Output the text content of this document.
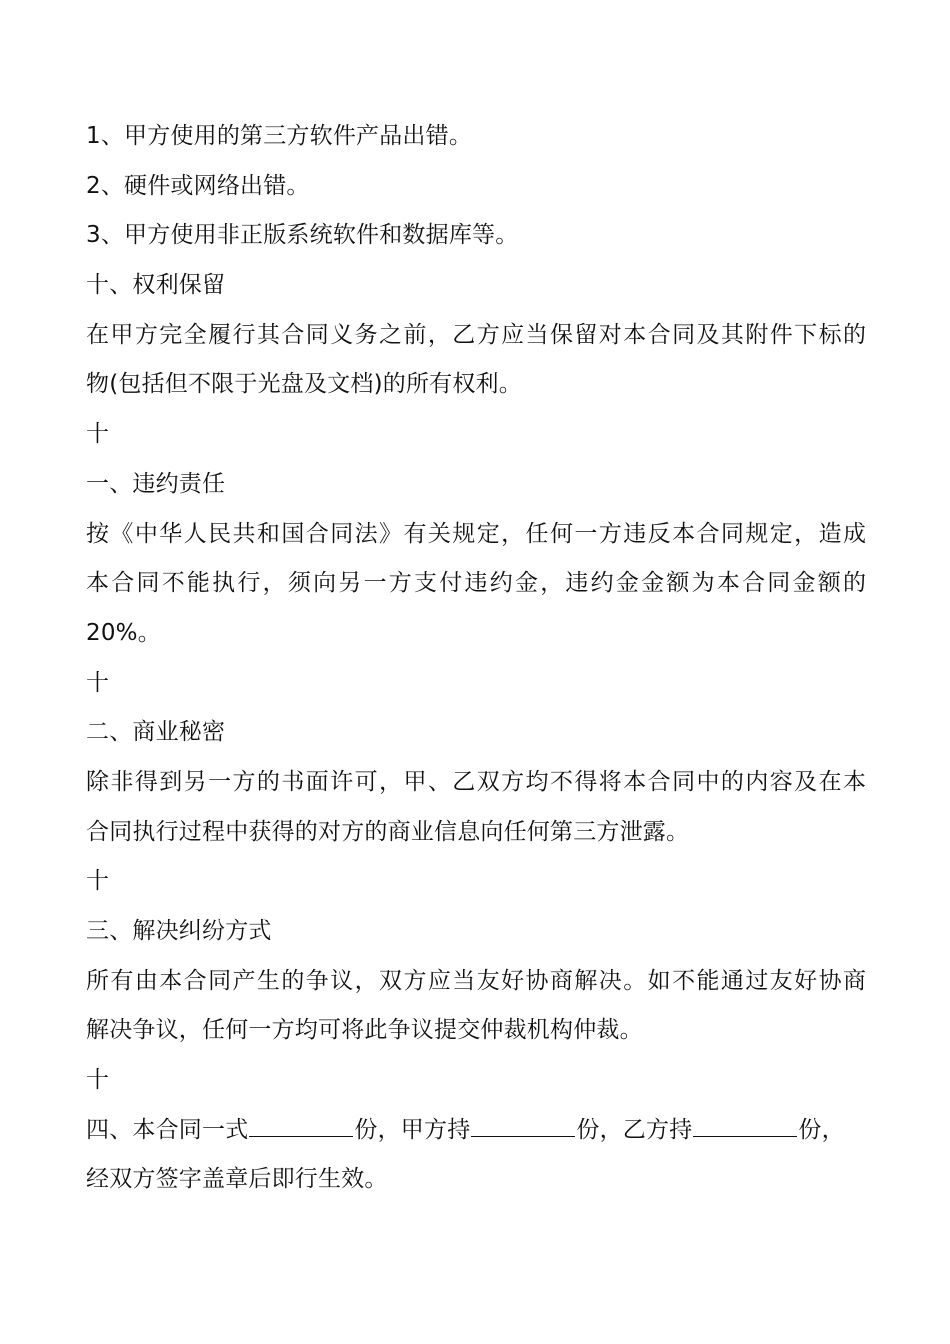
1、甲方使用的第三方软件产品出错。
2、硬件或网络出错。
3、甲方使用非正版系统软件和数据库等。
十、权利保留
在甲方完全履行其合同义务之前，乙方应当保留对本合同及其附件下标的
物(包括但不限于光盘及文档)的所有权利。
十
一、违约责任
按《中华人民共和国合同法》有关规定，任何一方违反本合同规定，造成
本合同不能执行，须向另一方支付违约金，违约金金额为本合同金额的
20%。
十
二、商业秘密
除非得到另一方的书面许可，甲、乙双方均不得将本合同中的内容及在本
合同执行过程中获得的对方的商业信息向任何第三方泄露。
十
三、解决纠纷方式
所有由本合同产生的争议，双方应当友好协商解决。如不能通过友好协商
解决争议，任何一方均可将此争议提交仲裁机构仲裁。
十
四、本合同一式	份，甲方持	份，乙方持	份，
经双方签字盖章后即行生效。
